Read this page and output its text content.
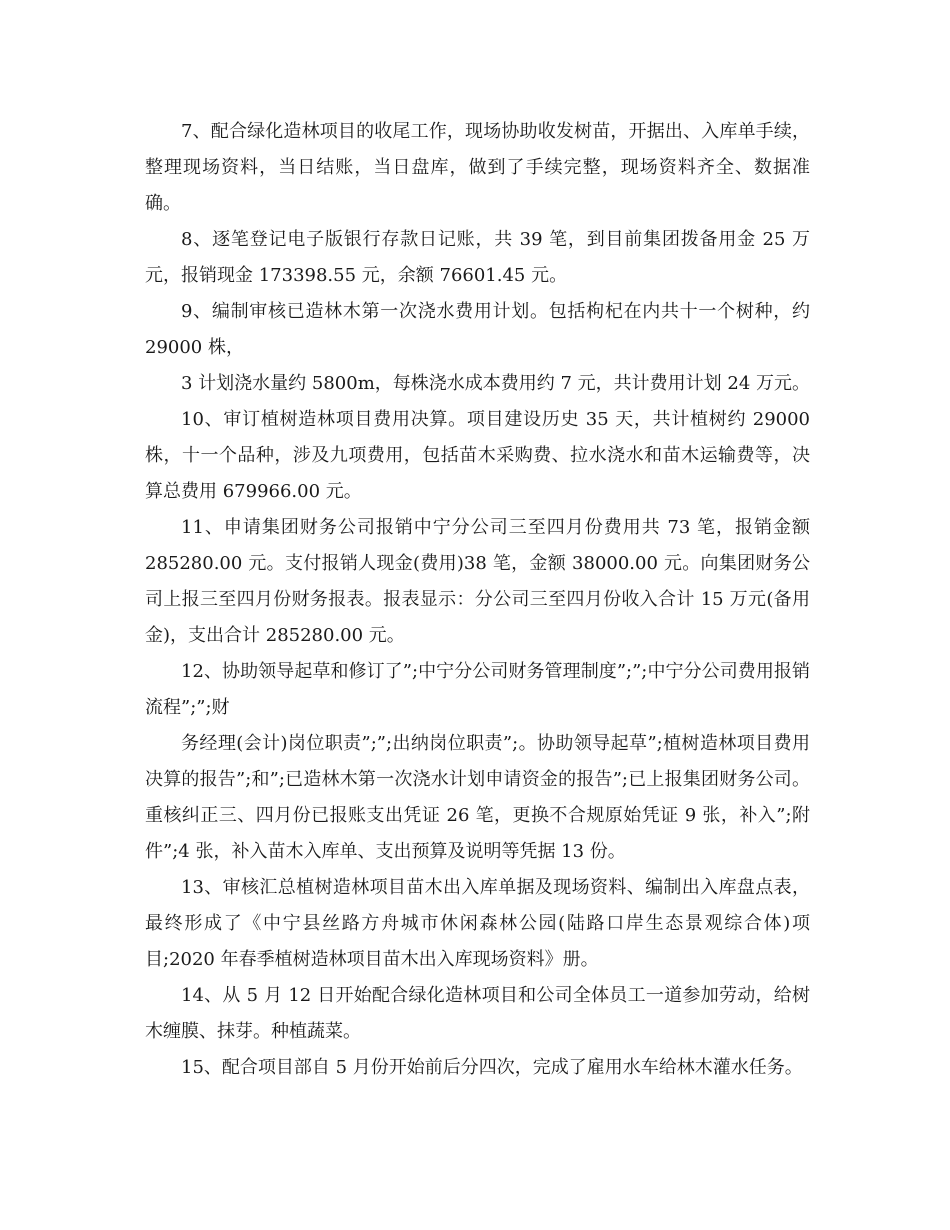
7、配合绿化造林项目的收尾工作，现场协助收发树苗，开据出、入库单手续，整理现场资料，当日结账，当日盘库，做到了手续完整，现场资料齐全、数据准确。

8、逐笔登记电子版银行存款日记账，共 39 笔，到目前集团拨备用金 25 万元，报销现金 173398.55 元，余额 76601.45 元。

9、编制审核已造林木第一次浇水费用计划。包括枸杞在内共十一个树种，约 29000 株，

3 计划浇水量约 5800m，每株浇水成本费用约 7 元，共计费用计划 24 万元。

10、审订植树造林项目费用决算。项目建设历史 35 天，共计植树约 29000 株，十一个品种，涉及九项费用，包括苗木采购费、拉水浇水和苗木运输费等，决算总费用 679966.00 元。

11、申请集团财务公司报销中宁分公司三至四月份费用共 73 笔，报销金额 285280.00 元。支付报销人现金(费用)38 笔，金额 38000.00 元。向集团财务公司上报三至四月份财务报表。报表显示：分公司三至四月份收入合计 15 万元(备用金)，支出合计 285280.00 元。

12、协助领导起草和修订了”;中宁分公司财务管理制度”;”;中宁分公司费用报销流程”;”;财

务经理(会计)岗位职责”;”;出纳岗位职责”;。协助领导起草”;植树造林项目费用决算的报告”;和”;已造林木第一次浇水计划申请资金的报告”;已上报集团财务公司。重核纠正三、四月份已报账支出凭证 26 笔，更换不合规原始凭证 9 张，补入”;附件”;4 张，补入苗木入库单、支出预算及说明等凭据 13 份。

13、审核汇总植树造林项目苗木出入库单据及现场资料、编制出入库盘点表，最终形成了《中宁县丝路方舟城市休闲森林公园(陆路口岸生态景观综合体)项目;2020 年春季植树造林项目苗木出入库现场资料》册。

14、从 5 月 12 日开始配合绿化造林项目和公司全体员工一道参加劳动，给树木缠膜、抹芽。种植蔬菜。

15、配合项目部自 5 月份开始前后分四次，完成了雇用水车给林木灌水任务。
